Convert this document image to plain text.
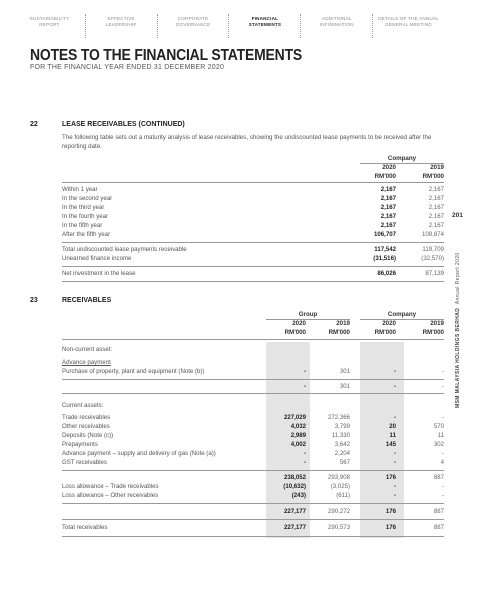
SUSTAINABILITY
REPORT
EFFECTIVE
LEADERSHIP
CORPORATE
GOVERNANCE
FINANCIAL
STATEMENTS
ADDITIONAL
INFORMATION
DETAILS OF THE ANNUAL
GENERAL MEETING
NOTES TO THE FINANCIAL STATEMENTS
FOR THE FINANCIAL YEAR ENDED 31 DECEMBER 2020
22	LEASE RECEIVABLES (CONTINUED)
The following table sets out a maturity analysis of lease receivables, showing the undiscounted lease payments to be received after the reporting date.
Company
2020	2019
RM'000	RM'000
Within 1 year	2,167	2,167
In the second year	2,167	2,167
In the third year	2,167	2,167
In the fourth year	2,167	2,167
In the fifth year	2,167	2,167
After the fifth year	106,707	108,874
Total undiscounted lease payments receivable	117,542	119,709
Unearned finance income	(31,516)	(32,570)
Net investment in the lease	86,026	87,139
23	RECEIVABLES
Group	Company
2020	2019	2020	2019
RM'000	RM'000	RM'000	RM'000
Non-current asset:
Advance payment
Purchase of property, plant and equipment (Note (b))	-	301	-	-
-	301	-	-
Current assets:
Trade receivables	227,029	272,366	-	-
Other receivables	4,032	3,799	20	570
Deposits (Note (c))	2,989	11,330	11	11
Prepayments	4,002	3,642	145	302
Advance payment – supply and delivery of gas (Note (a))	-	2,204	-	-
GST receivables	-	567	-	4
238,052	293,908	176	887
Loss allowance – Trade receivables	(10,632)	(3,025)	-	-
Loss allowance – Other receivables	(243)	(611)	-	-
227,177	290,272	176	887
Total receivables	227,177	290,573	176	887
201
MSM MALAYSIA HOLDINGS BERHAD  Annual Report 2020
